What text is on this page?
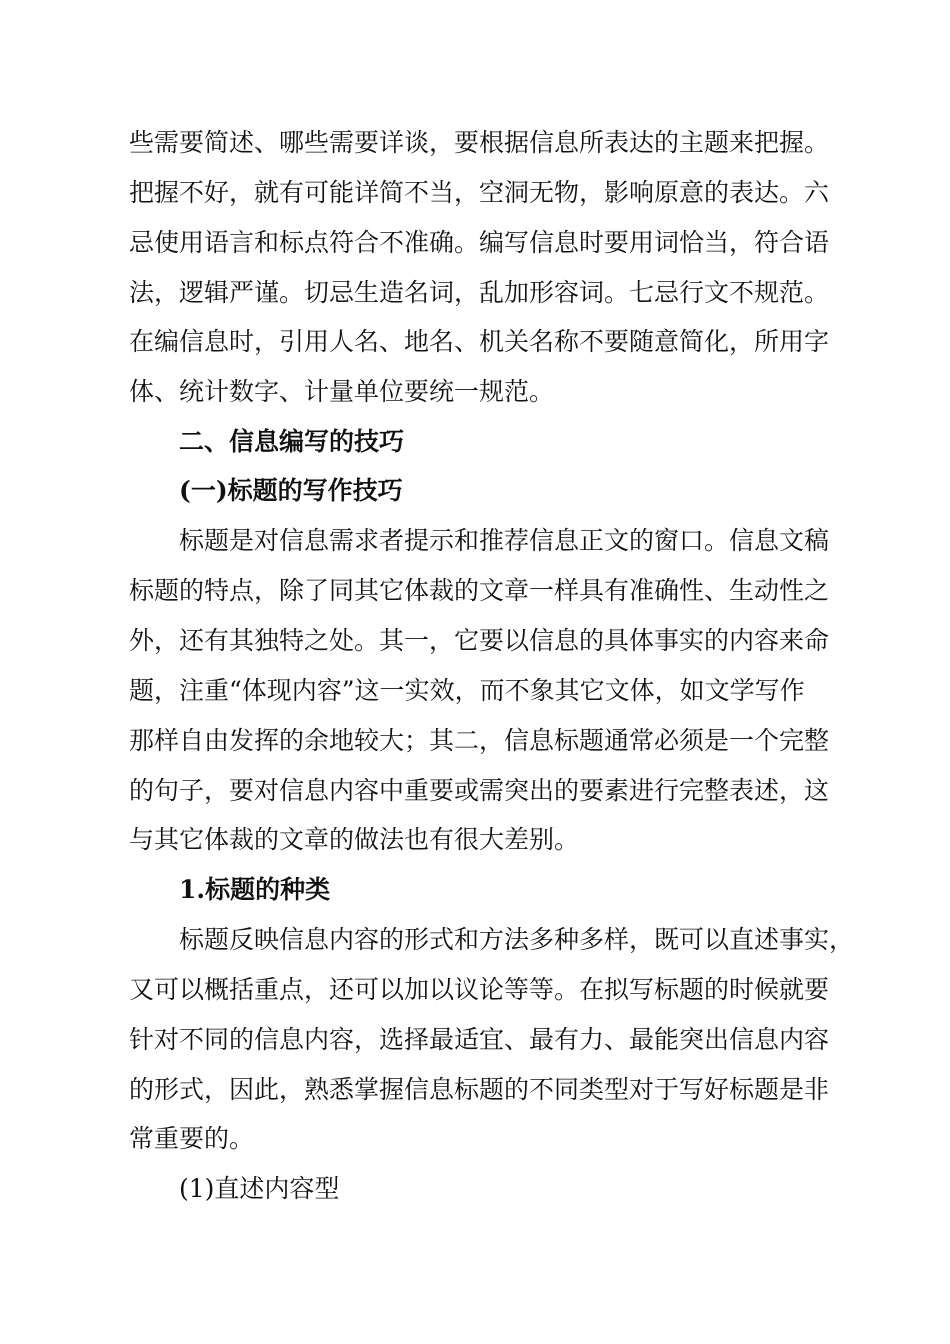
些需要简述、哪些需要详谈，要根据信息所表达的主题来把握。
把握不好，就有可能详简不当，空洞无物，影响原意的表达。六
忌使用语言和标点符合不准确。编写信息时要用词恰当，符合语
法，逻辑严谨。切忌生造名词，乱加形容词。七忌行文不规范。
在编信息时，引用人名、地名、机关名称不要随意简化，所用字
体、统计数字、计量单位要统一规范。
二、信息编写的技巧
(一)标题的写作技巧
标题是对信息需求者提示和推荐信息正文的窗口。信息文稿
标题的特点，除了同其它体裁的文章一样具有准确性、生动性之
外，还有其独特之处。其一，它要以信息的具体事实的内容来命
题，注重“体现内容”这一实效，而不象其它文体，如文学写作
那样自由发挥的余地较大；其二，信息标题通常必须是一个完整
的句子，要对信息内容中重要或需突出的要素进行完整表述，这
与其它体裁的文章的做法也有很大差别。
1.标题的种类
标题反映信息内容的形式和方法多种多样，既可以直述事实，
又可以概括重点，还可以加以议论等等。在拟写标题的时候就要
针对不同的信息内容，选择最适宜、最有力、最能突出信息内容
的形式，因此，熟悉掌握信息标题的不同类型对于写好标题是非
常重要的。
(1)直述内容型
